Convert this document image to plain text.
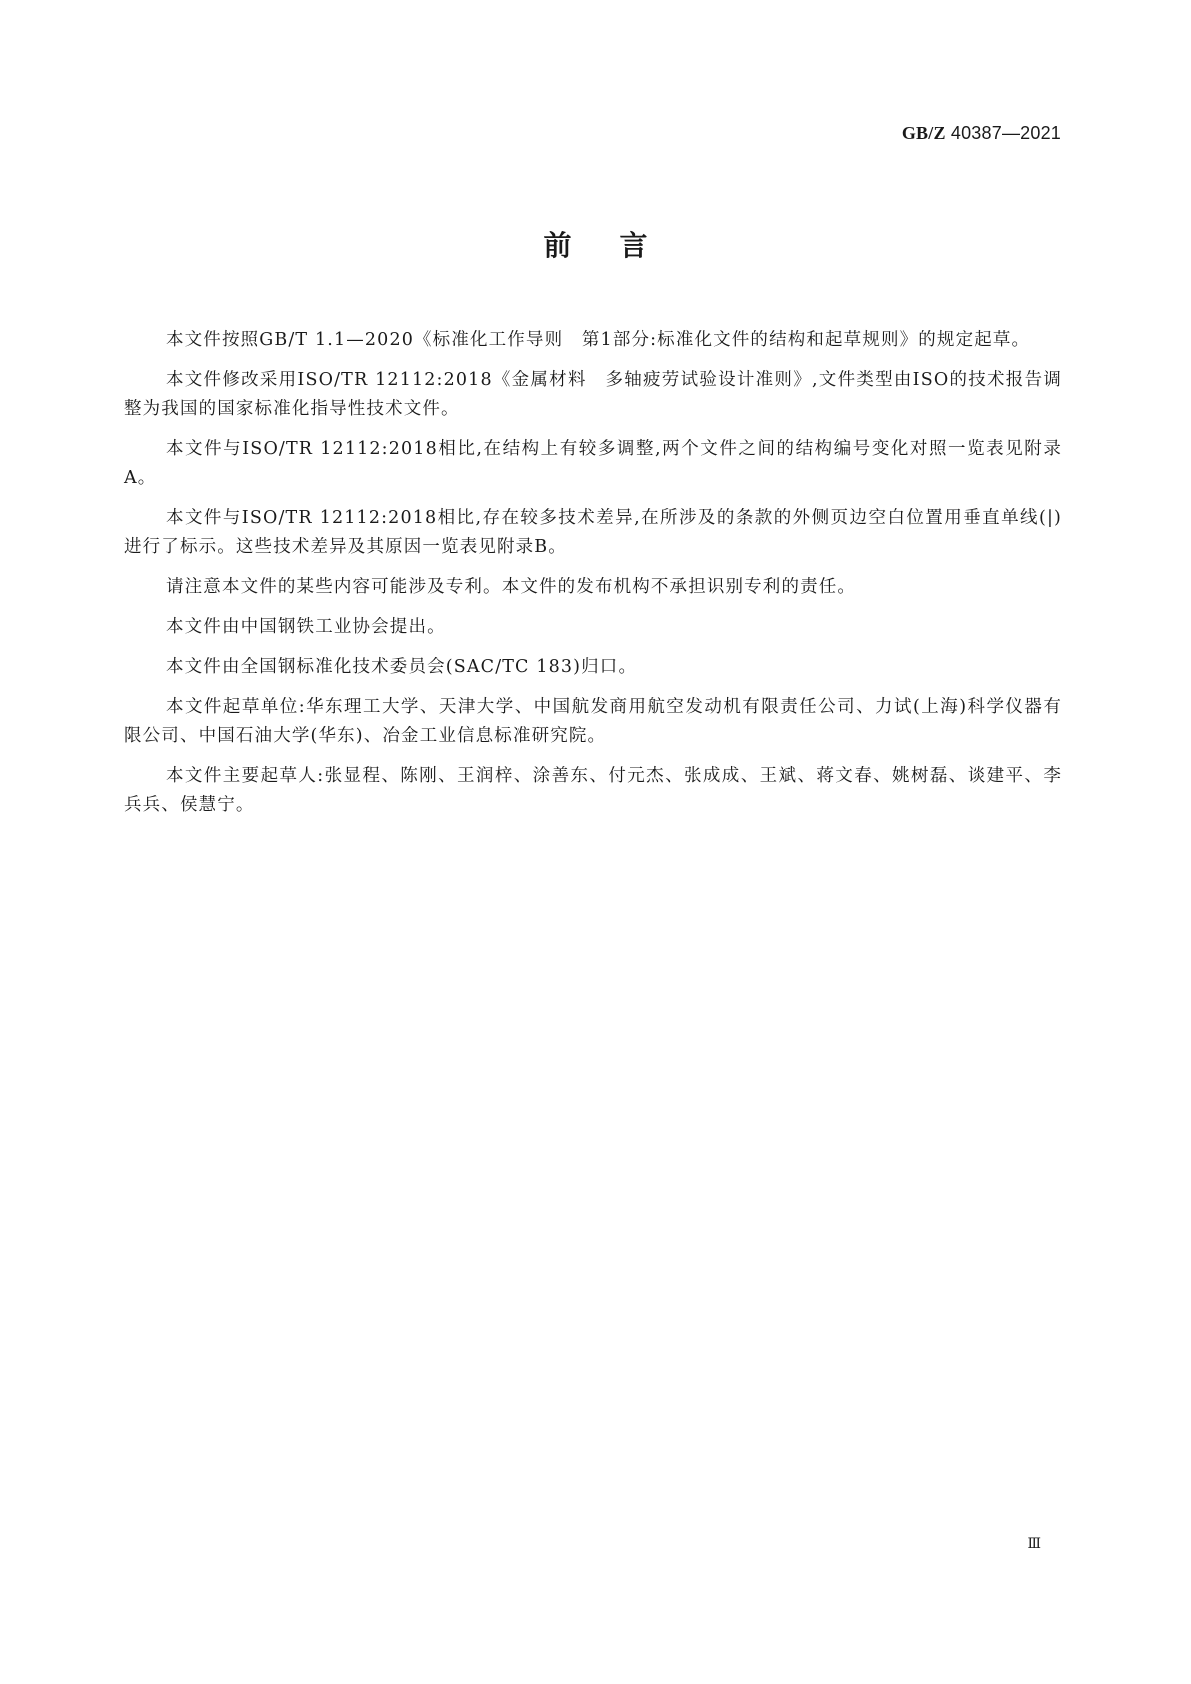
GB/Z 40387—2021
前言

本文件按照GB/T 1.1—2020《标准化工作导则　第1部分:标准化文件的结构和起草规则》的规定起草。

本文件修改采用ISO/TR 12112:2018《金属材料　多轴疲劳试验设计准则》,文件类型由ISO的技术报告调整为我国的国家标准化指导性技术文件。

本文件与ISO/TR 12112:2018相比,在结构上有较多调整,两个文件之间的结构编号变化对照一览表见附录A。

本文件与ISO/TR 12112:2018相比,存在较多技术差异,在所涉及的条款的外侧页边空白位置用垂直单线(|)进行了标示。这些技术差异及其原因一览表见附录B。

请注意本文件的某些内容可能涉及专利。本文件的发布机构不承担识别专利的责任。

本文件由中国钢铁工业协会提出。

本文件由全国钢标准化技术委员会(SAC/TC 183)归口。

本文件起草单位:华东理工大学、天津大学、中国航发商用航空发动机有限责任公司、力试(上海)科学仪器有限公司、中国石油大学(华东)、冶金工业信息标准研究院。

本文件主要起草人:张显程、陈刚、王润梓、涂善东、付元杰、张成成、王斌、蒋文春、姚树磊、谈建平、李兵兵、侯慧宁。

Ⅲ
